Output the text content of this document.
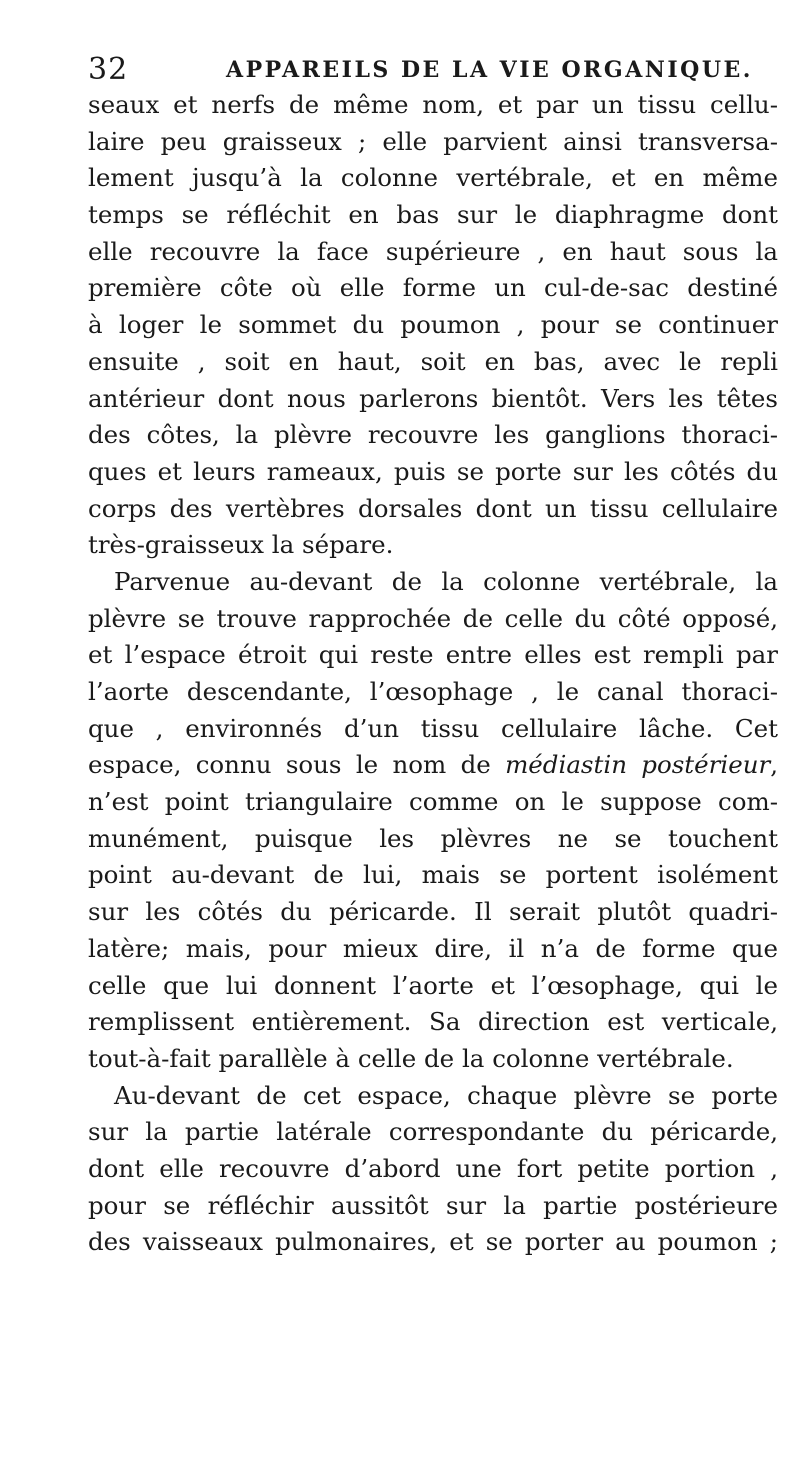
32	APPAREILS DE LA VIE ORGANIQUE.
seaux et nerfs de même nom, et par un tissu cellu-
laire peu graisseux ; elle parvient ainsi transversa-
lement jusqu’à la colonne vertébrale, et en même
temps se réfléchit en bas sur le diaphragme dont
elle recouvre la face supérieure , en haut sous la
première côte où elle forme un cul-de-sac destiné
à loger le sommet du poumon , pour se continuer
ensuite , soit en haut, soit en bas, avec le repli
antérieur dont nous parlerons bientôt. Vers les têtes
des côtes, la plèvre recouvre les ganglions thoraci-
ques et leurs rameaux, puis se porte sur les côtés du
corps des vertèbres dorsales dont un tissu cellulaire
très-graisseux la sépare.
Parvenue au-devant de la colonne vertébrale, la
plèvre se trouve rapprochée de celle du côté opposé,
et l’espace étroit qui reste entre elles est rempli par
l’aorte descendante, l’œsophage , le canal thoraci-
que , environnés d’un tissu cellulaire lâche. Cet
espace, connu sous le nom de médiastin postérieur,
n’est point triangulaire comme on le suppose com-
munément, puisque les plèvres ne se touchent
point au-devant de lui, mais se portent isolément
sur les côtés du péricarde. Il serait plutôt quadri-
latère; mais, pour mieux dire, il n’a de forme que
celle que lui donnent l’aorte et l’œsophage, qui le
remplissent entièrement. Sa direction est verticale,
tout-à-fait parallèle à celle de la colonne vertébrale.
Au-devant de cet espace, chaque plèvre se porte
sur la partie latérale correspondante du péricarde,
dont elle recouvre d’abord une fort petite portion ,
pour se réfléchir aussitôt sur la partie postérieure
des vaisseaux pulmonaires, et se porter au poumon ;
